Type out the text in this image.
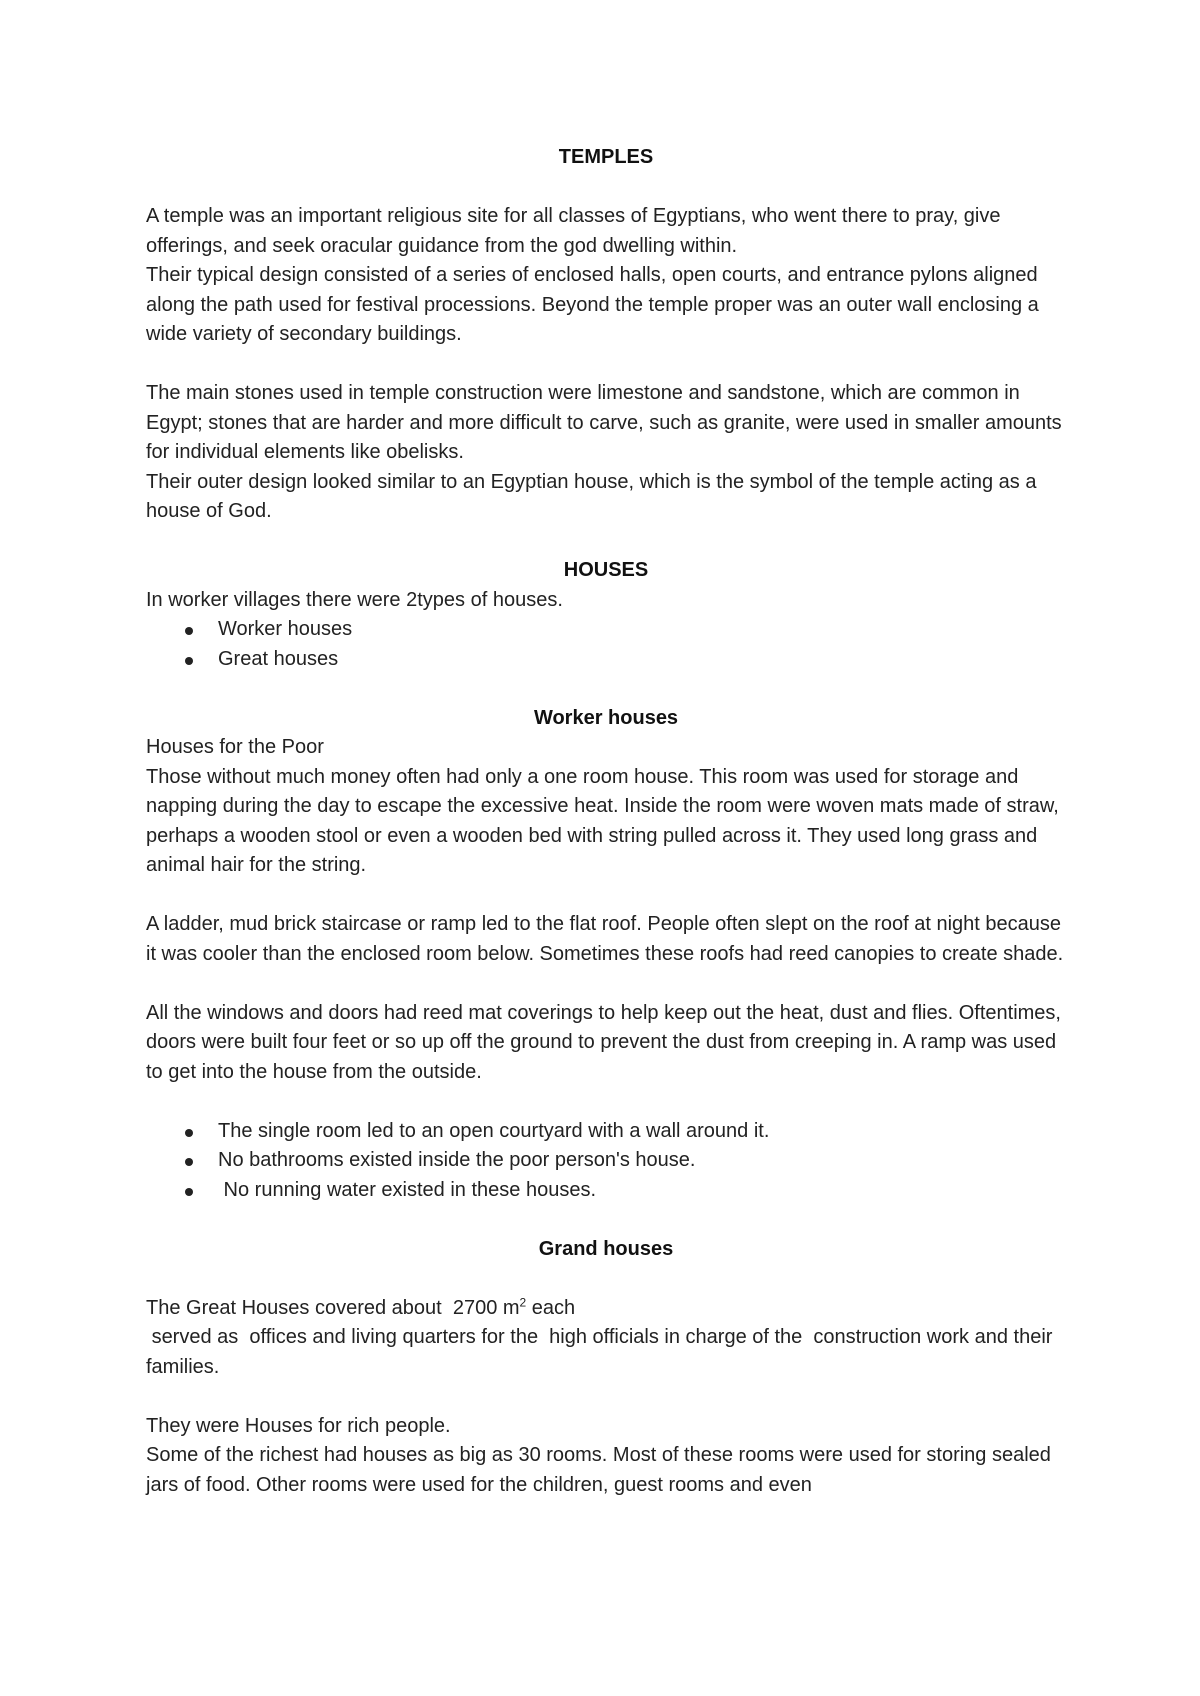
TEMPLES

A temple was an important religious site for all classes of Egyptians, who went there to pray, give offerings, and seek oracular guidance from the god dwelling within.

Their typical design consisted of a series of enclosed halls, open courts, and entrance pylons aligned along the path used for festival processions. Beyond the temple proper was an outer wall enclosing a wide variety of secondary buildings.

The main stones used in temple construction were limestone and sandstone, which are common in Egypt; stones that are harder and more difficult to carve, such as granite, were used in smaller amounts for individual elements like obelisks.

Their outer design looked similar to an Egyptian house, which is the symbol of the temple acting as a house of God.

HOUSES

In worker villages there were 2types of houses.

Worker houses
Great houses

Worker houses

Houses for the Poor

Those without much money often had only a one room house. This room was used for storage and napping during the day to escape the excessive heat. Inside the room were woven mats made of straw, perhaps a wooden stool or even a wooden bed with string pulled across it. They used long grass and animal hair for the string.

A ladder, mud brick staircase or ramp led to the flat roof. People often slept on the roof at night because it was cooler than the enclosed room below. Sometimes these roofs had reed canopies to create shade.

All the windows and doors had reed mat coverings to help keep out the heat, dust and flies. Oftentimes, doors were built four feet or so up off the ground to prevent the dust from creeping in. A ramp was used to get into the house from the outside.

The single room led to an open courtyard with a wall around it.
No bathrooms existed inside the poor person's house.
No running water existed in these houses.

Grand houses

The Great Houses covered about  2700 $m^2$ each

served as  offices and living quarters for the  high officials in charge of the  construction work and their  families.

They were Houses for rich people.

Some of the richest had houses as big as 30 rooms. Most of these rooms were used for storing sealed jars of food. Other rooms were used for the children, guest rooms and even
